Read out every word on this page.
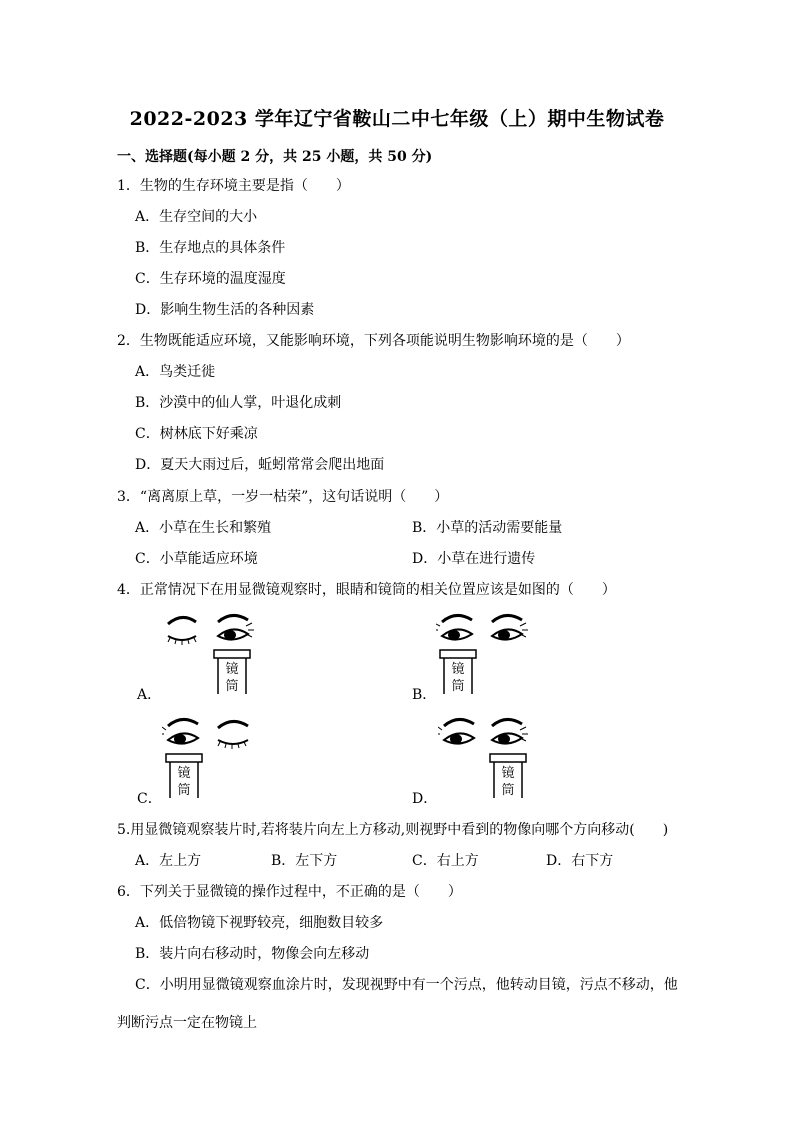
2022-2023 学年辽宁省鞍山二中七年级（上）期中生物试卷
一、选择题(每小题 2 分，共 25 小题，共 50 分)
1．生物的生存环境主要是指（　　）
A．生存空间的大小
B．生存地点的具体条件
C．生存环境的温度湿度
D．影响生物生活的各种因素
2．生物既能适应环境，又能影响环境，下列各项能说明生物影响环境的是（　　）
A．鸟类迁徙
B．沙漠中的仙人掌，叶退化成刺
C．树林底下好乘凉
D．夏天大雨过后，蚯蚓常常会爬出地面
3．“离离原上草，一岁一枯荣”，这句话说明（　　）
A．小草在生长和繁殖	B．小草的活动需要能量
C．小草能适应环境	D．小草在进行遗传
4．正常情况下在用显微镜观察时，眼睛和镜筒的相关位置应该是如图的（　　）
A．	B．
C．	D．
镜
筒
镜
筒
镜
筒
镜
筒
5.用显微镜观察装片时,若将装片向左上方移动,则视野中看到的物像向哪个方向移动(　　)
A．左上方	B．左下方	C．右上方	D．右下方
6．下列关于显微镜的操作过程中，不正确的是（　　）
A．低倍物镜下视野较亮，细胞数目较多
B．装片向右移动时，物像会向左移动
C．小明用显微镜观察血涂片时，发现视野中有一个污点，他转动目镜，污点不移动，他
判断污点一定在物镜上
